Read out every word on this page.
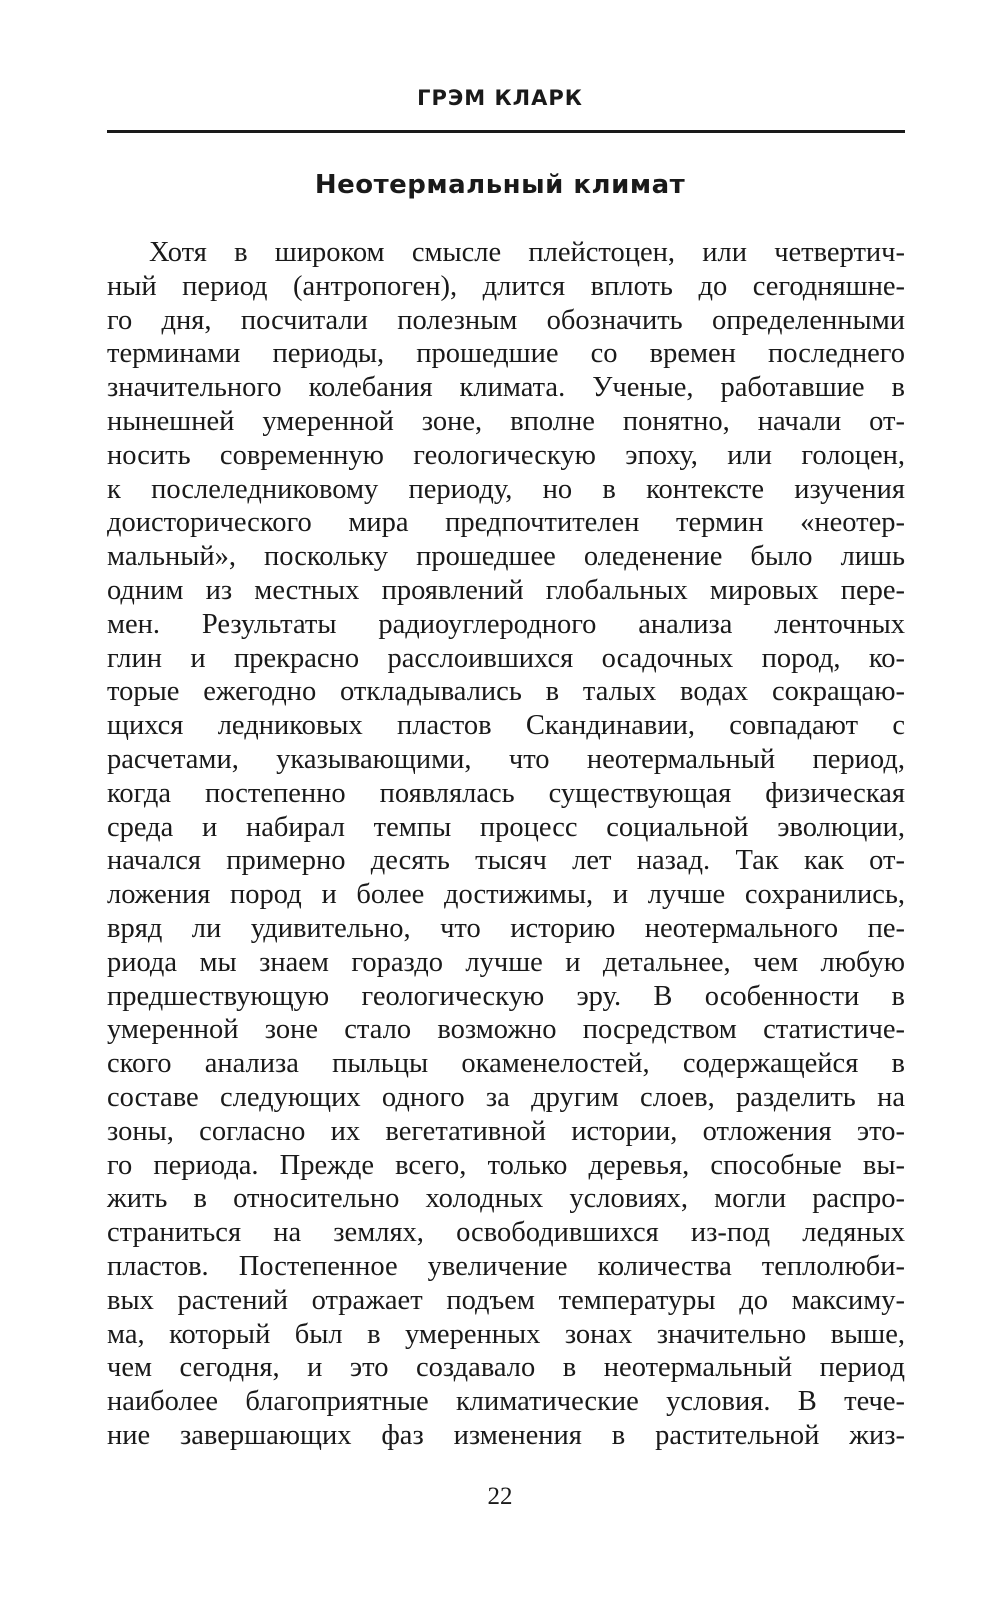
ГРЭМ КЛАРК
Неотермальный климат
Хотя в широком смысле плейстоцен, или четвертич-
ный период (антропоген), длится вплоть до сегодняшне-
го дня, посчитали полезным обозначить определенными
терминами периоды, прошедшие со времен последнего
значительного колебания климата. Ученые, работавшие в
нынешней умеренной зоне, вполне понятно, начали от-
носить современную геологическую эпоху, или голоцен,
к послеледниковому периоду, но в контексте изучения
доисторического мира предпочтителен термин «неотер-
мальный», поскольку прошедшее оледенение было лишь
одним из местных проявлений глобальных мировых пере-
мен. Результаты радиоуглеродного анализа ленточных
глин и прекрасно расслоившихся осадочных пород, ко-
торые ежегодно откладывались в талых водах сокращаю-
щихся ледниковых пластов Скандинавии, совпадают с
расчетами, указывающими, что неотермальный период,
когда постепенно появлялась существующая физическая
среда и набирал темпы процесс социальной эволюции,
начался примерно десять тысяч лет назад. Так как от-
ложения пород и более достижимы, и лучше сохранились,
вряд ли удивительно, что историю неотермального пе-
риода мы знаем гораздо лучше и детальнее, чем любую
предшествующую геологическую эру. В особенности в
умеренной зоне стало возможно посредством статистиче-
ского анализа пыльцы окаменелостей, содержащейся в
составе следующих одного за другим слоев, разделить на
зоны, согласно их вегетативной истории, отложения это-
го периода. Прежде всего, только деревья, способные вы-
жить в относительно холодных условиях, могли распро-
страниться на землях, освободившихся из-под ледяных
пластов. Постепенное увеличение количества теплолюби-
вых растений отражает подъем температуры до максиму-
ма, который был в умеренных зонах значительно выше,
чем сегодня, и это создавало в неотермальный период
наиболее благоприятные климатические условия. В тече-
ние завершающих фаз изменения в растительной жиз-
22
